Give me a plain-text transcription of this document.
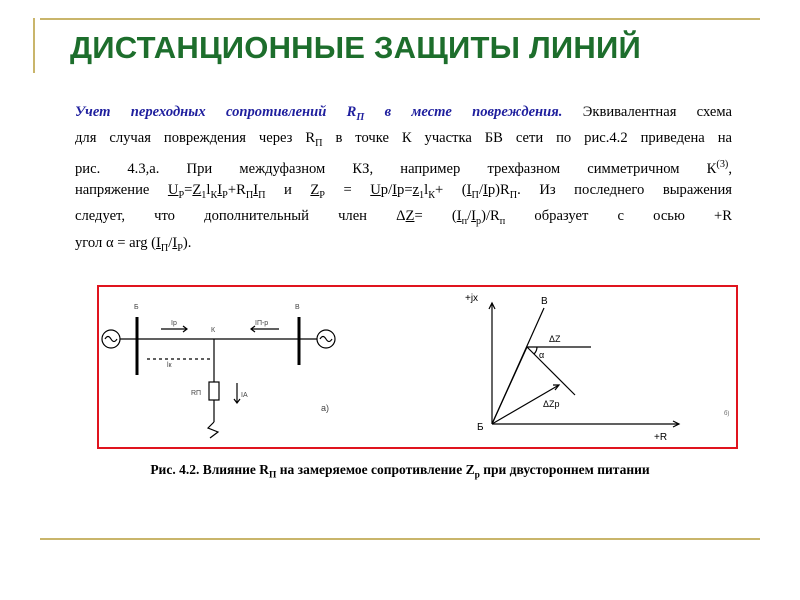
ДИСТАНЦИОННЫЕ ЗАЩИТЫ ЛИНИЙ
Учет переходных сопротивлений $R_П$ в месте повреждения. Эквивалентная схема
для случая повреждения через $R_П$ в точке К участка БВ сети по рис.4.2 приведена на
рис. 4.3,а. При междуфазном КЗ, например трехфазном симметричном $К^{(3)}$,
напряжение $U_Р=Z_1l_КI_Р+R_ПI_П$ и $Z_Р = Uр/Iр=z_1l_К+ (I_П/Iр)R_П$. Из последнего выражения
следует, что дополнительный член $\Delta Z= (I_п/I_р)/R_п$ образует с осью +R
угол α = arg $(I_П/I_Р)$.
Б	В
Iр
К
IП-р
lк
RП	IА
а)
+jx
+R
Б
В
ΔZ
α
ΔZр
б)
Рис. 4.2. Влияние $R_П$ на замеряемое сопротивление $Z_р$ при двустороннем питании
